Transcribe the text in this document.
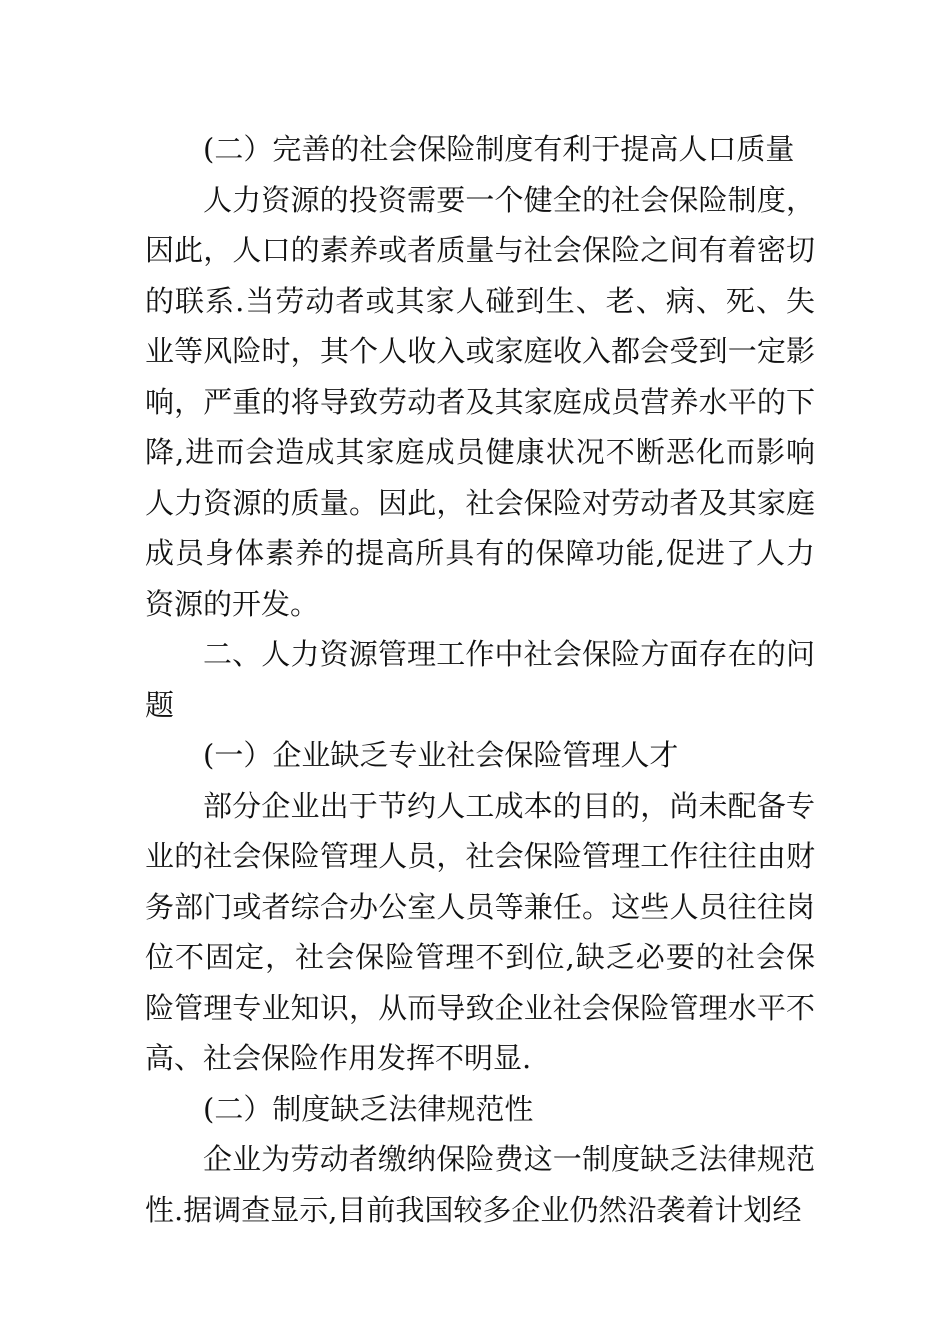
(二）完善的社会保险制度有利于提高人口质量

人力资源的投资需要一个健全的社会保险制度，因此，人口的素养或者质量与社会保险之间有着密切的联系.当劳动者或其家人碰到生、老、病、死、失业等风险时，其个人收入或家庭收入都会受到一定影响，严重的将导致劳动者及其家庭成员营养水平的下降,进而会造成其家庭成员健康状况不断恶化而影响人力资源的质量。因此，社会保险对劳动者及其家庭成员身体素养的提高所具有的保障功能,促进了人力资源的开发。

二、人力资源管理工作中社会保险方面存在的问题

(一）企业缺乏专业社会保险管理人才

部分企业出于节约人工成本的目的，尚未配备专业的社会保险管理人员，社会保险管理工作往往由财务部门或者综合办公室人员等兼任。这些人员往往岗位不固定，社会保险管理不到位,缺乏必要的社会保险管理专业知识，从而导致企业社会保险管理水平不高、社会保险作用发挥不明显.

(二）制度缺乏法律规范性

企业为劳动者缴纳保险费这一制度缺乏法律规范性.据调查显示,目前我国较多企业仍然沿袭着计划经
